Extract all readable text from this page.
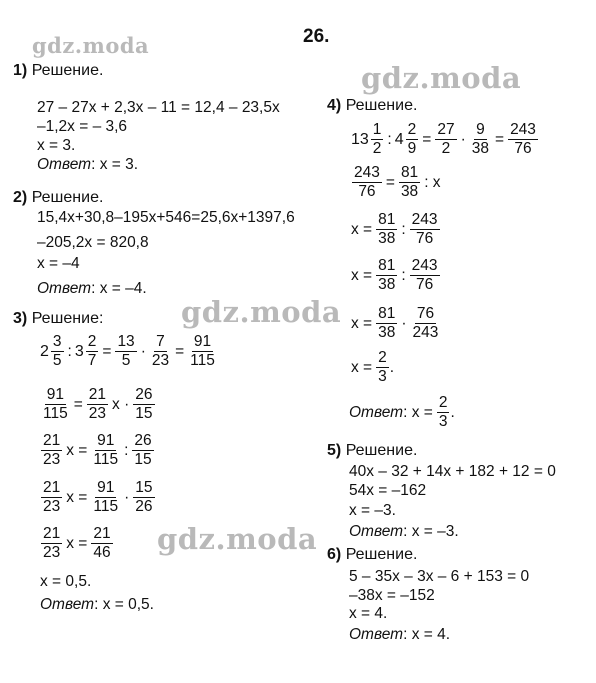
gdz.moda
gdz.moda
gdz.moda
gdz.moda
26.
1) Решение.
27 – 27x + 2,3x – 11 = 12,4 – 23,5x
–1,2x = – 3,6
x = 3.
Ответ: x = 3.
2) Решение.
15,4x+30,8–195x+546=25,6x+1397,6
–205,2x = 820,8
x = –4
Ответ: x = –4.
3) Решение:
$2 \frac{3}{5}$ : $3 \frac{2}{7} = \frac{13}{5} \cdot \frac{7}{23} = \frac{91}{115}$
$\frac{91}{115} = \frac{21}{23}$ $x \cdot \frac{26}{15}$
$\frac{21}{23}$ $x = \frac{91}{115}$ : $\frac{26}{15}$
$\frac{21}{23}$ $x = \frac{91}{115} \cdot \frac{15}{26}$
$\frac{21}{23}$ $x = \frac{21}{46}$
x = 0,5.
Ответ: x = 0,5.
4) Решение.
$13 \frac{1}{2}$ : $4 \frac{2}{9} = \frac{27}{2} \cdot \frac{9}{38} = \frac{243}{76}$
$\frac{243}{76} = \frac{81}{38}$ : x
$x = \frac{81}{38}$ : $\frac{243}{76}$
$x = \frac{81}{38}$ : $\frac{243}{76}$
$x = \frac{81}{38} \cdot \frac{76}{243}$
$x = \frac{2}{3}$ .
Ответ : $x = \frac{2}{3}$ .
5) Решение.
40x – 32 + 14x + 182 + 12 = 0
54x = –162
x = –3.
Ответ: x = –3.
6) Решение.
5 – 35x – 3x – 6 + 153 = 0
–38x = –152
x = 4.
Ответ: x = 4.
